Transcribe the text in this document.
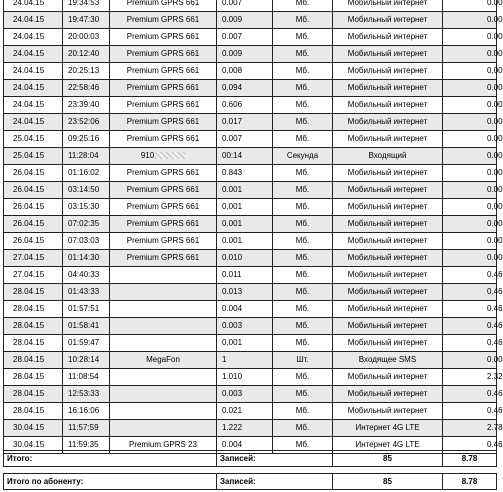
24.04.15	19:34:53	Premium GPRS 661	0.007	Мб.	Мобильный интернет	0.00
24.04.15	19:47:30	Premium GPRS 661	0.009	Мб.	Мобильный интернет	0.00
24.04.15	20:00:03	Premium GPRS 661	0.007	Мб.	Мобильный интернет	0.00
24.04.15	20:12:40	Premium GPRS 661	0.009	Мб.	Мобильный интернет	0.00
24.04.15	20:25:13	Premium GPRS 661	0.008	Мб.	Мобильный интернет	0.00
24.04.15	22:58:46	Premium GPRS 661	0.094	Мб.	Мобильный интернет	0.00
24.04.15	23:39:40	Premium GPRS 661	0.606	Мб.	Мобильный интернет	0.00
24.04.15	23:52:06	Premium GPRS 661	0.017	Мб.	Мобильный интернет	0.00
25.04.15	09:25:16	Premium GPRS 661	0.007	Мб.	Мобильный интернет	0.00
25.04.15	11:28:04	910	00:14	Секунда	Входящий	0.00
26.04.15	01:16:02	Premium GPRS 661	0.843	Мб.	Мобильный интернет	0.00
26.04.15	03:14:50	Premium GPRS 661	0.001	Мб.	Мобильный интернет	0.00
26.04.15	03:15:30	Premium GPRS 661	0.001	Мб.	Мобильный интернет	0.00
26.04.15	07:02:35	Premium GPRS 661	0.001	Мб.	Мобильный интернет	0.00
26.04.15	07:03:03	Premium GPRS 661	0.001	Мб.	Мобильный интернет	0.00
27.04.15	01:14:30	Premium GPRS 661	0.010	Мб.	Мобильный интернет	0.00
27.04.15	04:40:33		0.011	Мб.	Мобильный интернет	0.46
28.04.15	01:43:33		0.013	Мб.	Мобильный интернет	0.46
28.04.15	01:57:51		0.004	Мб.	Мобильный интернет	0.46
28.04.15	01:58:41		0.003	Мб.	Мобильный интернет	0.46
28.04.15	01:59:47		0.001	Мб.	Мобильный интернет	0.46
28.04.15	10:28:14	MegaFon	1	Шт.	Входящее SMS	0.00
28.04.15	11:08:54		1.010	Мб.	Мобильный интернет	2.32
28.04.15	12:53:33		0.003	Мб.	Мобильный интернет	0.46
28.04.15	16:16:06		0.021	Мб.	Мобильный интернет	0.46
30.04.15	11:57:59		1.222	Мб.	Интернет 4G LTE	2.78
30.04.15	11:59:35	Premium GPRS 23	0.004	Мб.	Интернет 4G LTE	0.46
Итого:	Записей:	85	8.78
Итого по абоненту:	Записей:	85	8.78
